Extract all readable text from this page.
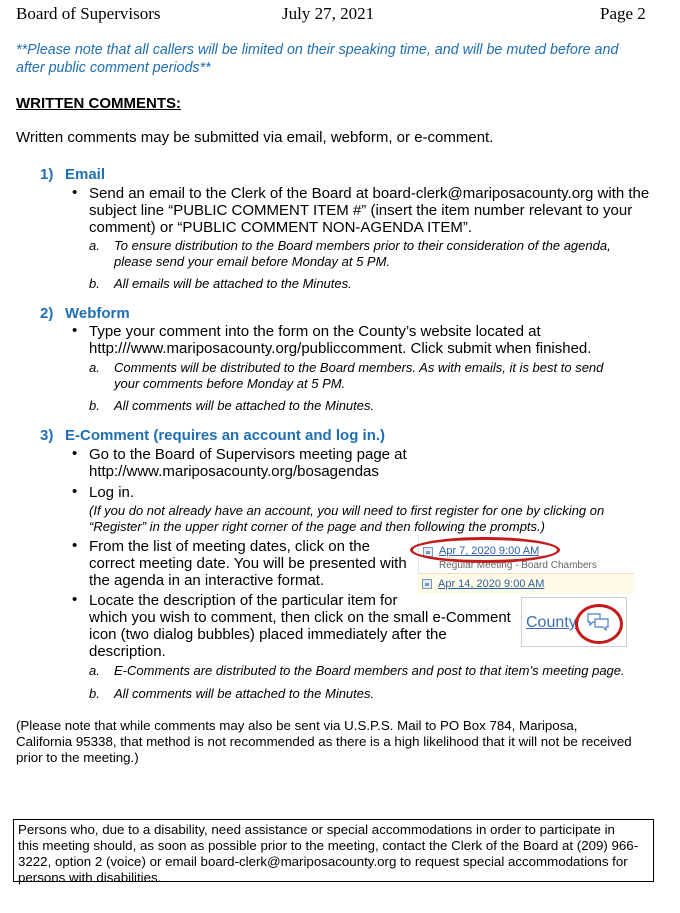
Board of Supervisors	July 27, 2021	Page 2
**Please note that all callers will be limited on their speaking time, and will be muted before and
after public comment periods**
WRITTEN COMMENTS:
Written comments may be submitted via email, webform, or e-comment.
1) Email
• Send an email to the Clerk of the Board at board-clerk@mariposacounty.org with the
subject line “PUBLIC COMMENT ITEM #” (insert the item number relevant to your
comment) or “PUBLIC COMMENT NON-AGENDA ITEM”.
a. To ensure distribution to the Board members prior to their consideration of the agenda,
please send your email before Monday at 5 PM.
b. All emails will be attached to the Minutes.
2) Webform
• Type your comment into the form on the County’s website located at
http:///www.mariposacounty.org/publiccomment. Click submit when finished.
a. Comments will be distributed to the Board members. As with emails, it is best to send
your comments before Monday at 5 PM.
b. All comments will be attached to the Minutes.
3) E-Comment (requires an account and log in.)
• Go to the Board of Supervisors meeting page at
http://www.mariposacounty.org/bosagendas
• Log in.
(If you do not already have an account, you will need to first register for one by clicking on
“Register” in the upper right corner of the page and then following the prompts.)
• From the list of meeting dates, click on the
correct meeting date. You will be presented with
the agenda in an interactive format.
• Locate the description of the particular item for
which you wish to comment, then click on the small e-Comment
icon (two dialog bubbles) placed immediately after the
description.
a. E-Comments are distributed to the Board members and post to that item’s meeting page.
b. All comments will be attached to the Minutes.
Apr 7, 2020 9:00 AM
Regular Meeting - Board Chambers
Apr 14, 2020 9:00 AM
County
(Please note that while comments may also be sent via U.S.P.S. Mail to PO Box 784, Mariposa,
California 95338, that method is not recommended as there is a high likelihood that it will not be received
prior to the meeting.)
Persons who, due to a disability, need assistance or special accommodations in order to participate in
this meeting should, as soon as possible prior to the meeting, contact the Clerk of the Board at (209) 966-
3222, option 2 (voice) or email board-clerk@mariposacounty.org to request special accommodations for
persons with disabilities.
